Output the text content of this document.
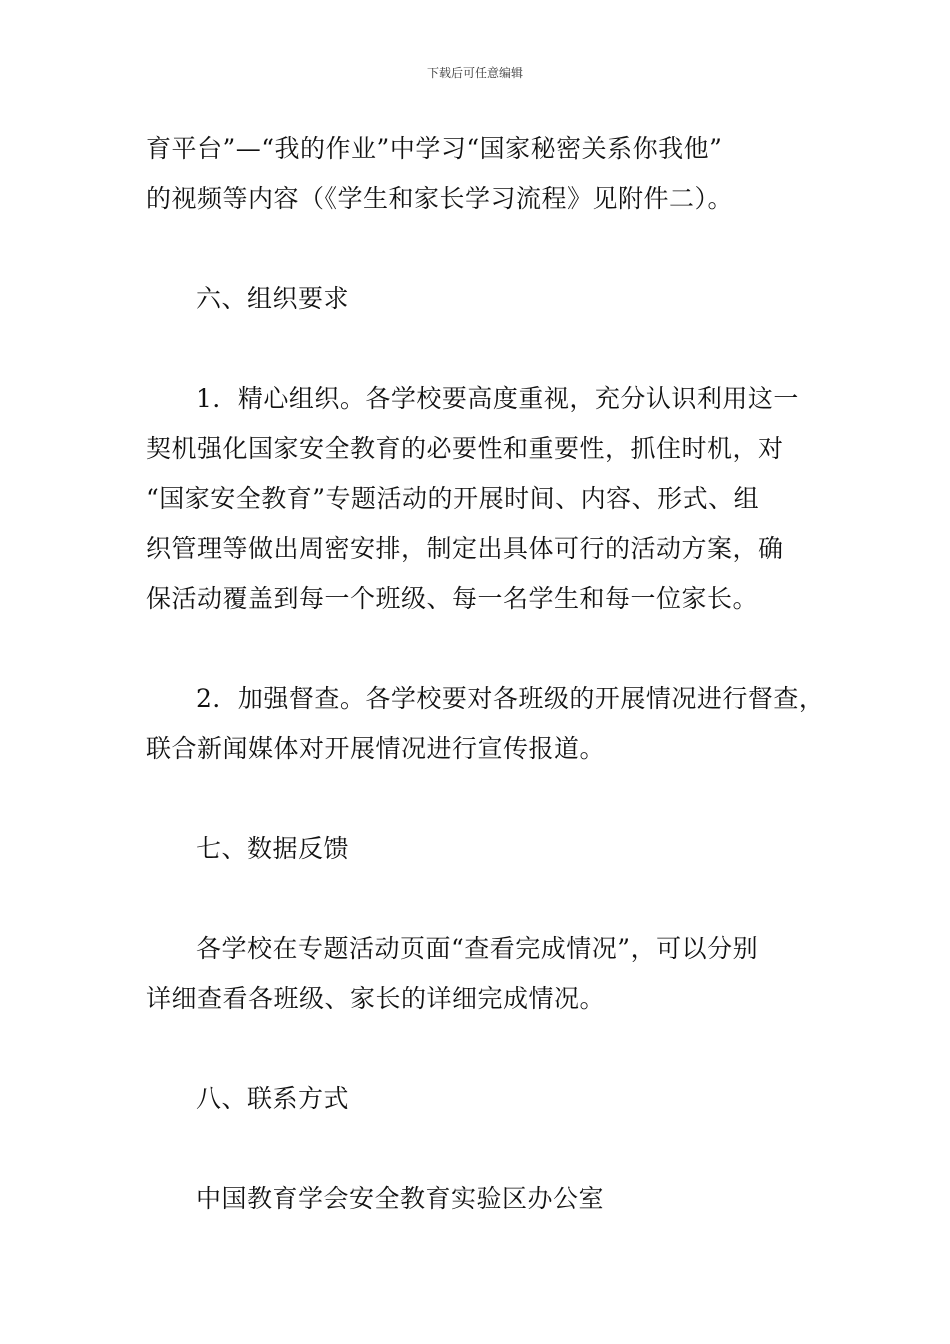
下载后可任意编辑
育平台”—“我的作业”中学习“国家秘密关系你我他”
的视频等内容（《学生和家长学习流程》见附件二）。
六、组织要求
1．精心组织。各学校要高度重视，充分认识利用这一
契机强化国家安全教育的必要性和重要性，抓住时机，对
“国家安全教育”专题活动的开展时间、内容、形式、组
织管理等做出周密安排，制定出具体可行的活动方案，确
保活动覆盖到每一个班级、每一名学生和每一位家长。
2．加强督查。各学校要对各班级的开展情况进行督查，
联合新闻媒体对开展情况进行宣传报道。
七、数据反馈
各学校在专题活动页面“查看完成情况”，可以分别
详细查看各班级、家长的详细完成情况。
八、联系方式
中国教育学会安全教育实验区办公室
